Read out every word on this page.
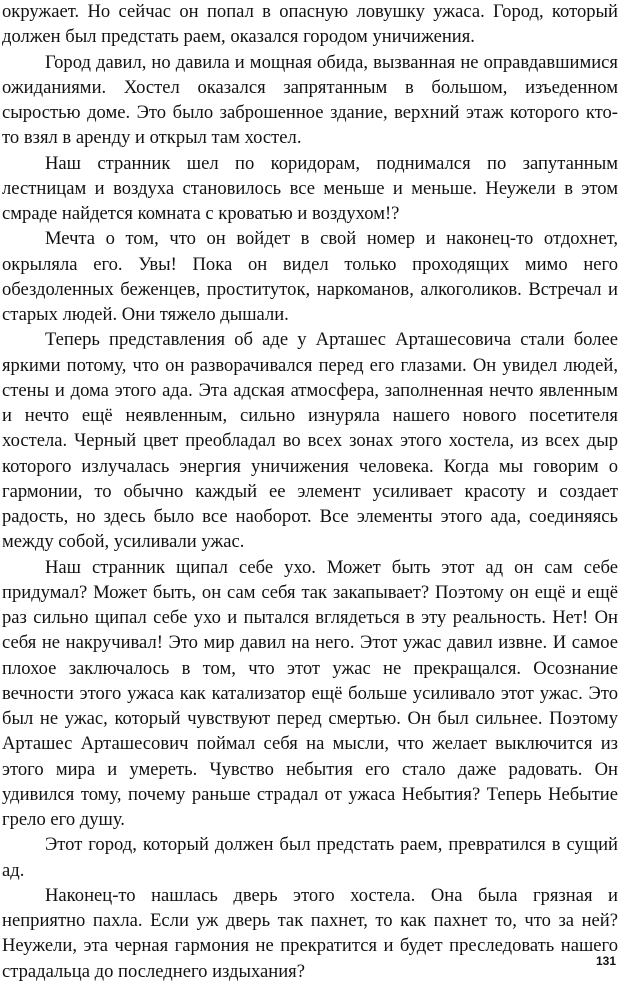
окружает. Но сейчас он попал в опасную ловушку ужаса. Город, который должен был предстать раем, оказался городом уничижения.

Город давил, но давила и мощная обида, вызванная не оправдавшимися ожиданиями. Хостел оказался запрятанным в большом, изъеденном сыростью доме. Это было заброшенное здание, верхний этаж которого кто-то взял в аренду и открыл там хостел.

Наш странник шел по коридорам, поднимался по запутанным лестницам и воздуха становилось все меньше и меньше. Неужели в этом смраде найдется комната с кроватью и воздухом!?

Мечта о том, что он войдет в свой номер и наконец-то отдохнет, окрыляла его. Увы! Пока он видел только проходящих мимо него обездоленных беженцев, проституток, наркоманов, алкоголиков. Встречал и старых людей. Они тяжело дышали.

Теперь представления об аде у Арташес Арташесовича стали более яркими потому, что он разворачивался перед его глазами. Он увидел людей, стены и дома этого ада. Эта адская атмосфера, заполненная нечто явленным и нечто ещё неявленным, сильно изнуряла нашего нового посетителя хостела. Черный цвет преобладал во всех зонах этого хостела, из всех дыр которого излучалась энергия уничижения человека. Когда мы говорим о гармонии, то обычно каждый ее элемент усиливает красоту и создает радость, но здесь было все наоборот. Все элементы этого ада, соединяясь между собой, усиливали ужас.

Наш странник щипал себе ухо. Может быть этот ад он сам себе придумал? Может быть, он сам себя так закапывает? Поэтому он ещё и ещё раз сильно щипал себе ухо и пытался вглядеться в эту реальность. Нет! Он себя не накручивал! Это мир давил на него. Этот ужас давил извне. И самое плохое заключалось в том, что этот ужас не прекращался. Осознание вечности этого ужаса как катализатор ещё больше усиливало этот ужас. Это был не ужас, который чувствуют перед смертью. Он был сильнее. Поэтому Арташес Арташесович поймал себя на мысли, что желает выключится из этого мира и умереть. Чувство небытия его стало даже радовать. Он удивился тому, почему раньше страдал от ужаса Небытия? Теперь Небытие грело его душу.

Этот город, который должен был предстать раем, превратился в сущий ад.

Наконец-то нашлась дверь этого хостела. Она была грязная и неприятно пахла. Если уж дверь так пахнет, то как пахнет то, что за ней? Неужели, эта черная гармония не прекратится и будет преследовать нашего страдальца до последнего издыхания?	131
